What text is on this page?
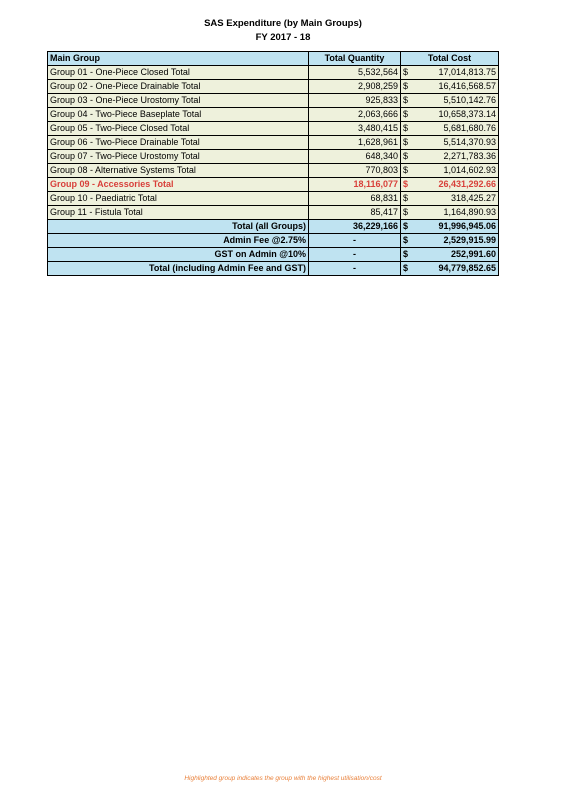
SAS Expenditure (by Main Groups)
FY 2017 - 18
Main Group	Total Quantity	Total Cost	
Group 01 - One-Piece Closed Total	5,532,564	$	17,014,813.75
Group 02 - One-Piece Drainable Total	2,908,259	$	16,416,568.57
Group 03 - One-Piece Urostomy Total	925,833	$	5,510,142.76
Group 04 - Two-Piece Baseplate Total	2,063,666	$	10,658,373.14
Group 05 - Two-Piece Closed Total	3,480,415	$	5,681,680.76
Group 06 - Two-Piece Drainable Total	1,628,961	$	5,514,370.93
Group 07 - Two-Piece Urostomy Total	648,340	$	2,271,783.36
Group 08 - Alternative Systems Total	770,803	$	1,014,602.93
Group 09 - Accessories Total	18,116,077	$	26,431,292.66
Group 10 - Paediatric Total	68,831	$	318,425.27
Group 11 - Fistula Total	85,417	$	1,164,890.93
Total (all Groups)	36,229,166	$	91,996,945.06
Admin Fee @2.75%	-	$	2,529,915.99
GST on Admin @10%	-	$	252,991.60
Total (including Admin Fee and GST)	-	$	94,779,852.65
Highlighted group indicates the group with the highest utilisation/cost
